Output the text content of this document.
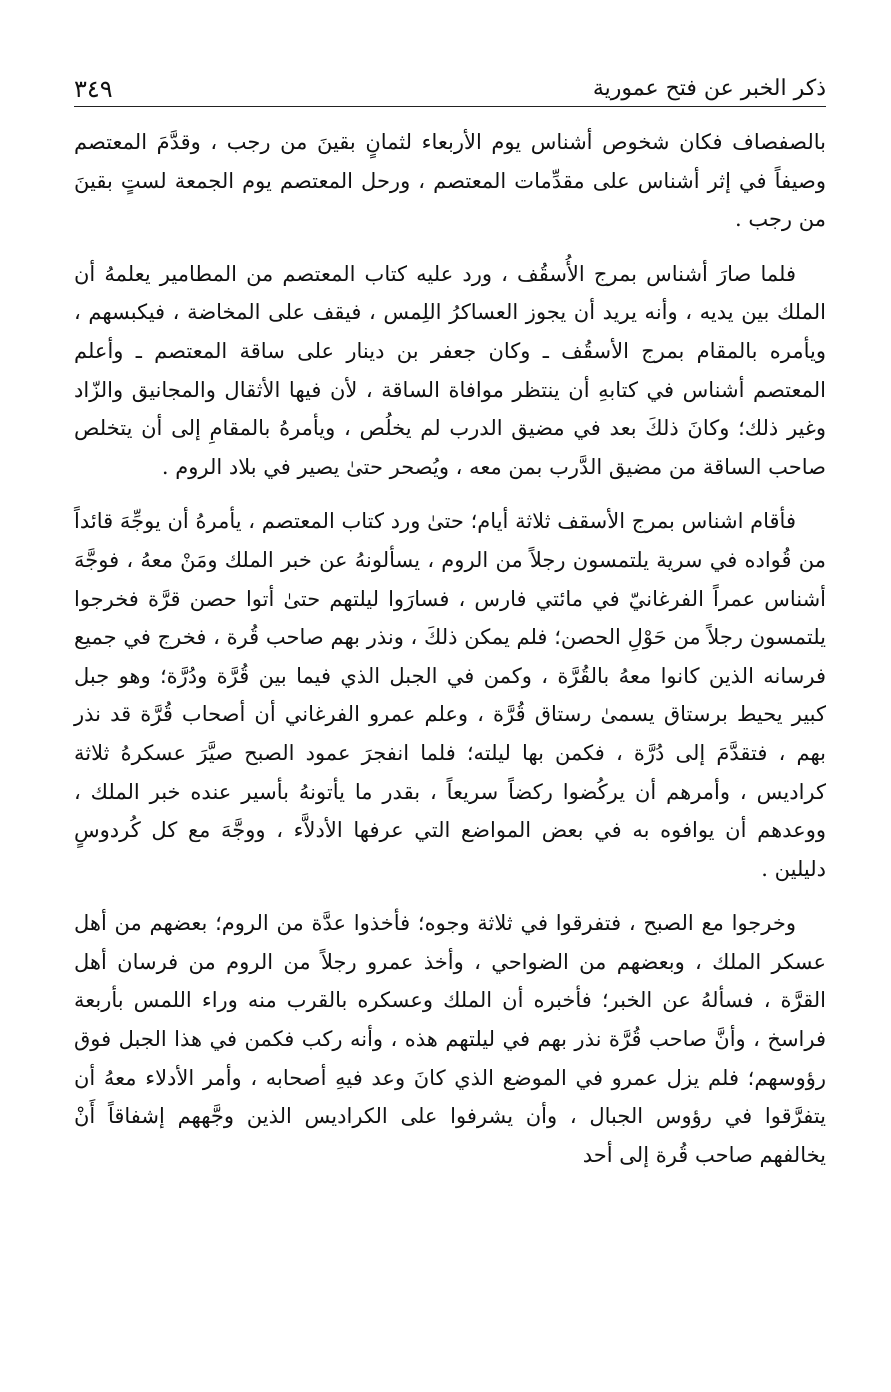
ذكر الخبر عن فتح عمورية
٣٤٩

بالصفصاف فكان شخوص أشناس يوم الأربعاء لثمانٍ بقينَ من رجب ، وقدَّمَ المعتصم وصيفاً في إثر أشناس على مقدِّمات المعتصم ، ورحل المعتصم يوم الجمعة لستٍ بقينَ من رجب .

فلما صارَ أشناس بمرج الأُسقُف ، ورد عليه كتاب المعتصم من المطامير يعلمهُ أن الملك بين يديه ، وأنه يريد أن يجوز العساكرُ اللِمس ، فيقف على المخاضة ، فيكبسهم ، ويأمره بالمقام بمرج الأسقُف ـ وكان جعفر بن دينار على ساقة المعتصم ـ وأعلم المعتصم أشناس في كتابهِ أن ينتظر موافاة الساقة ، لأن فيها الأثقال والمجانيق والزّاد وغير ذلك؛ وكانَ ذلكَ بعد في مضيق الدرب لم يخلُص ، ويأمرهُ بالمقامِ إلى أن يتخلص صاحب الساقة من مضيق الدَّرب بمن معه ، ويُصحر حتىٰ يصير في بلاد الروم .

فأقام اشناس بمرج الأسقف ثلاثة أيام؛ حتىٰ ورد كتاب المعتصم ، يأمرهُ أن يوجِّهَ قائداً من قُواده في سرية يلتمسون رجلاً من الروم ، يسألونهُ عن خبر الملك ومَنْ معهُ ، فوجَّهَ أشناس عمراً الفرغانيّ في مائتي فارس ، فسارَوا ليلتهم حتىٰ أتوا حصن قرَّة فخرجوا يلتمسون رجلاً من حَوْلِ الحصن؛ فلم يمكن ذلكَ ، ونذر بهم صاحب قُرة ، فخرج في جميع فرسانه الذين كانوا معهُ بالقُرَّة ، وكمن في الجبل الذي فيما بين قُرَّة ودُرَّة؛ وهو جبل كبير يحيط برستاق يسمىٰ رستاق قُرَّة ، وعلم عمرو الفرغاني أن أصحاب قُرَّة قد نذر بهم ، فتقدَّمَ إلى دُرَّة ، فكمن بها ليلته؛ فلما انفجرَ عمود الصبح صيَّرَ عسكرهُ ثلاثة كراديس ، وأمرهم أن يركُضوا ركضاً سريعاً ، بقدر ما يأتونهُ بأسير عنده خبر الملك ، ووعدهم أن يوافوه به في بعض المواضع التي عرفها الأدلاَّء ، ووجَّهَ مع كل كُردوسٍ دليلين .

وخرجوا مع الصبح ، فتفرقوا في ثلاثة وجوه؛ فأخذوا عدَّة من الروم؛ بعضهم من أهل عسكر الملك ، وبعضهم من الضواحي ، وأخذ عمرو رجلاً من الروم من فرسان أهل القرَّة ، فسألهُ عن الخبر؛ فأخبره أن الملك وعسكره بالقرب منه وراء اللمس بأربعة فراسخ ، وأنَّ صاحب قُرَّة نذر بهم في ليلتهم هذه ، وأنه ركب فكمن في هذا الجبل فوق رؤوسهم؛ فلم يزل عمرو في الموضع الذي كانَ وعد فيهِ أصحابه ، وأمر الأدلاء معهُ أن يتفرَّقوا في رؤوس الجبال ، وأن يشرفوا على الكراديس الذين وجَّههم إشفاقاً أَنْ يخالفهم صاحب قُرة إلى أحد
